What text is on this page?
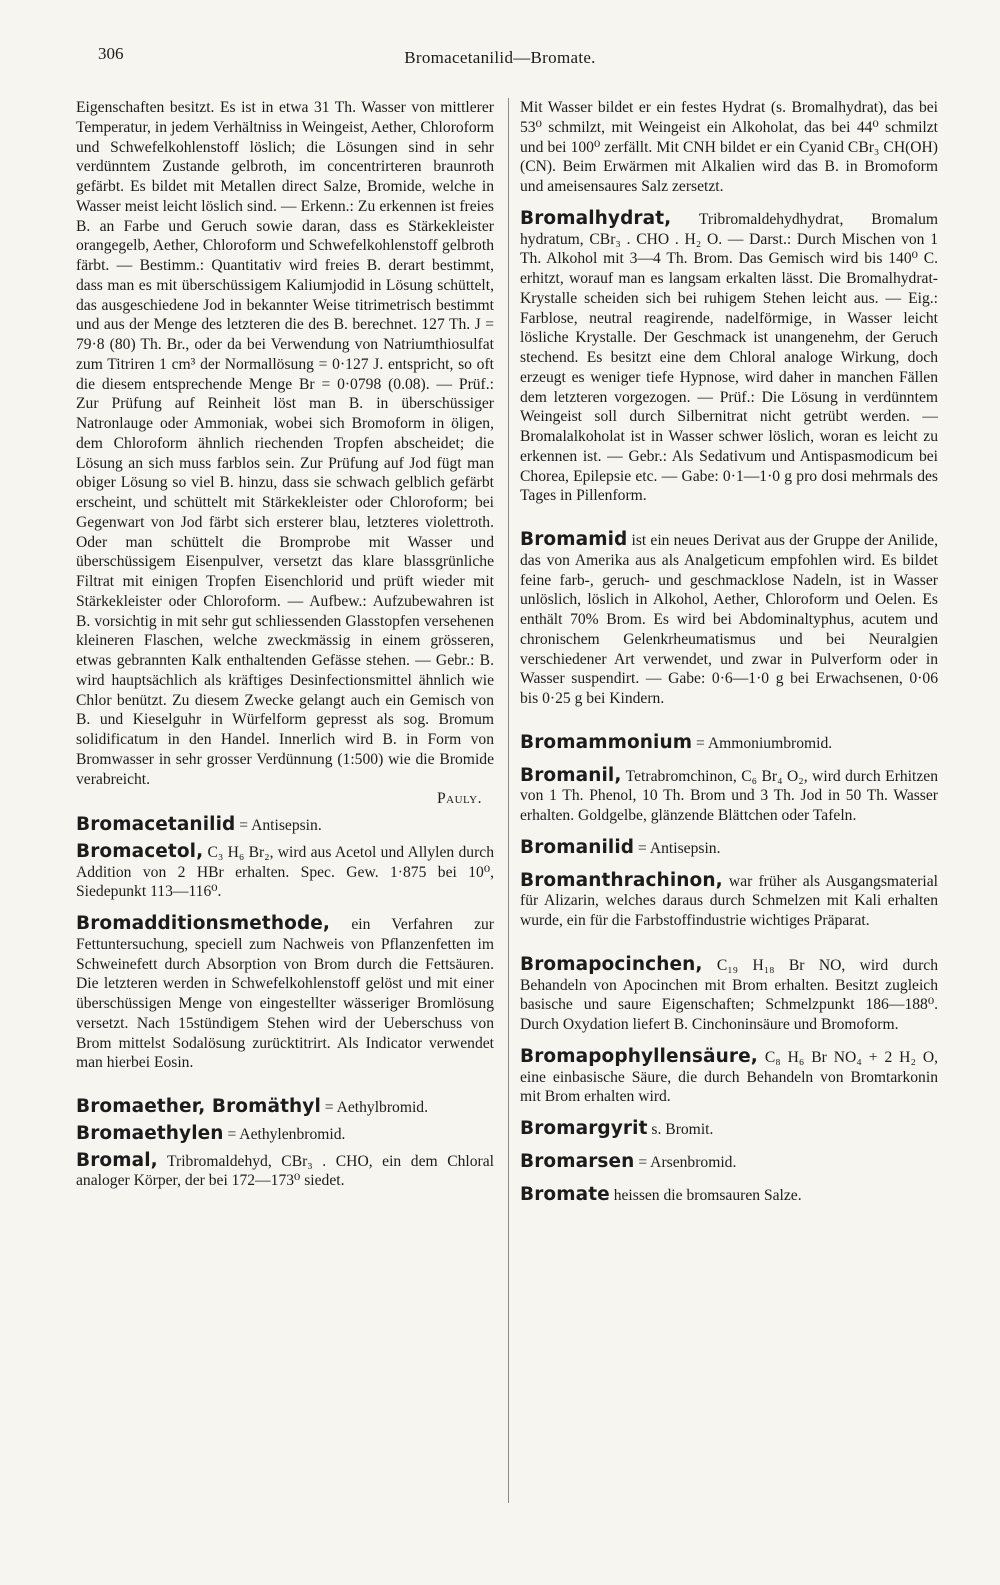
306	Bromacetanilid—Bromate.

Eigenschaften besitzt. Es ist in etwa 31 Th. Wasser von mittlerer Temperatur, in jedem Verhältniss in Weingeist, Aether, Chloroform und Schwefelkohlenstoff löslich; die Lösungen sind in sehr verdünntem Zustande gelbroth, im concentrirteren braunroth gefärbt. Es bildet mit Metallen direct Salze, Bromide, welche in Wasser meist leicht löslich sind. — Erkenn.: Zu erkennen ist freies B. an Farbe und Geruch sowie daran, dass es Stärkekleister orangegelb, Aether, Chloroform und Schwefelkohlenstoff gelbroth färbt. — Bestimm.: Quantitativ wird freies B. derart bestimmt, dass man es mit überschüssigem Kaliumjodid in Lösung schüttelt, das ausgeschiedene Jod in bekannter Weise titrimetrisch bestimmt und aus der Menge des letzteren die des B. berechnet. 127 Th. J = 79·8 (80) Th. Br., oder da bei Verwendung von Natriumthiosulfat zum Titriren 1 cm³ der Normallösung = 0·127 J. entspricht, so oft die diesem entsprechende Menge Br = 0·0798 (0.08). — Prüf.: Zur Prüfung auf Reinheit löst man B. in überschüssiger Natronlauge oder Ammoniak, wobei sich Bromoform in öligen, dem Chloroform ähnlich riechenden Tropfen abscheidet; die Lösung an sich muss farblos sein. Zur Prüfung auf Jod fügt man obiger Lösung so viel B. hinzu, dass sie schwach gelblich gefärbt erscheint, und schüttelt mit Stärkekleister oder Chloroform; bei Gegenwart von Jod färbt sich ersterer blau, letzteres violettroth. Oder man schüttelt die Bromprobe mit Wasser und überschüssigem Eisenpulver, versetzt das klare blassgrünliche Filtrat mit einigen Tropfen Eisenchlorid und prüft wieder mit Stärkekleister oder Chloroform. — Aufbew.: Aufzubewahren ist B. vorsichtig in mit sehr gut schliessenden Glasstopfen versehenen kleineren Flaschen, welche zweckmässig in einem grösseren, etwas gebrannten Kalk enthaltenden Gefässe stehen. — Gebr.: B. wird hauptsächlich als kräftiges Desinfectionsmittel ähnlich wie Chlor benützt. Zu diesem Zwecke gelangt auch ein Gemisch von B. und Kieselguhr in Würfelform gepresst als sog. Bromum solidificatum in den Handel. Innerlich wird B. in Form von Bromwasser in sehr grosser Verdünnung (1:500) wie die Bromide verabreicht.

Pauly.

Bromacetanilid = Antisepsin.

Bromacetol, C₃ H₆ Br₂, wird aus Acetol und Allylen durch Addition von 2 HBr erhalten. Spec. Gew. 1·875 bei 10⁰, Siedepunkt 113—116⁰.

Bromadditionsmethode, ein Verfahren zur Fettuntersuchung, speciell zum Nachweis von Pflanzenfetten im Schweinefett durch Absorption von Brom durch die Fettsäuren. Die letzteren werden in Schwefelkohlenstoff gelöst und mit einer überschüssigen Menge von eingestellter wässeriger Bromlösung versetzt. Nach 15stündigem Stehen wird der Ueberschuss von Brom mittelst Sodalösung zurücktitrirt. Als Indicator verwendet man hierbei Eosin.

Bromaether, Bromäthyl = Aethylbromid.

Bromaethylen = Aethylenbromid.

Bromal, Tribromaldehyd, CBr₃ . CHO, ein dem Chloral analoger Körper, der bei 172—173⁰ siedet.

Mit Wasser bildet er ein festes Hydrat (s. Bromalhydrat), das bei 53⁰ schmilzt, mit Weingeist ein Alkoholat, das bei 44⁰ schmilzt und bei 100⁰ zerfällt. Mit CNH bildet er ein Cyanid CBr₃ CH(OH)(CN). Beim Erwärmen mit Alkalien wird das B. in Bromoform und ameisensaures Salz zersetzt.

Bromalhydrat, Tribromaldehydhydrat, Bromalum hydratum, CBr₃ . CHO . H₂ O. — Darst.: Durch Mischen von 1 Th. Alkohol mit 3—4 Th. Brom. Das Gemisch wird bis 140⁰ C. erhitzt, worauf man es langsam erkalten lässt. Die Bromalhydrat-Krystalle scheiden sich bei ruhigem Stehen leicht aus. — Eig.: Farblose, neutral reagirende, nadelförmige, in Wasser leicht lösliche Krystalle. Der Geschmack ist unangenehm, der Geruch stechend. Es besitzt eine dem Chloral analoge Wirkung, doch erzeugt es weniger tiefe Hypnose, wird daher in manchen Fällen dem letzteren vorgezogen. — Prüf.: Die Lösung in verdünntem Weingeist soll durch Silbernitrat nicht getrübt werden. — Bromalalkoholat ist in Wasser schwer löslich, woran es leicht zu erkennen ist. — Gebr.: Als Sedativum und Antispasmodicum bei Chorea, Epilepsie etc. — Gabe: 0·1—1·0 g pro dosi mehrmals des Tages in Pillenform.

Bromamid ist ein neues Derivat aus der Gruppe der Anilide, das von Amerika aus als Analgeticum empfohlen wird. Es bildet feine farb-, geruch- und geschmacklose Nadeln, ist in Wasser unlöslich, löslich in Alkohol, Aether, Chloroform und Oelen. Es enthält 70% Brom. Es wird bei Abdominaltyphus, acutem und chronischem Gelenkrheumatismus und bei Neuralgien verschiedener Art verwendet, und zwar in Pulverform oder in Wasser suspendirt. — Gabe: 0·6—1·0 g bei Erwachsenen, 0·06 bis 0·25 g bei Kindern.

Bromammonium = Ammoniumbromid.

Bromanil, Tetrabromchinon, C₆ Br₄ O₂, wird durch Erhitzen von 1 Th. Phenol, 10 Th. Brom und 3 Th. Jod in 50 Th. Wasser erhalten. Goldgelbe, glänzende Blättchen oder Tafeln.

Bromanilid = Antisepsin.

Bromanthrachinon, war früher als Ausgangsmaterial für Alizarin, welches daraus durch Schmelzen mit Kali erhalten wurde, ein für die Farbstoffindustrie wichtiges Präparat.

Bromapocinchen, C₁₉ H₁₈ Br NO, wird durch Behandeln von Apocinchen mit Brom erhalten. Besitzt zugleich basische und saure Eigenschaften; Schmelzpunkt 186—188⁰. Durch Oxydation liefert B. Cinchoninsäure und Bromoform.

Bromapophyllensäure, C₈ H₆ Br NO₄ + 2 H₂ O, eine einbasische Säure, die durch Behandeln von Bromtarkonin mit Brom erhalten wird.

Bromargyrit s. Bromit.

Bromarsen = Arsenbromid.

Bromate heissen die bromsauren Salze.
